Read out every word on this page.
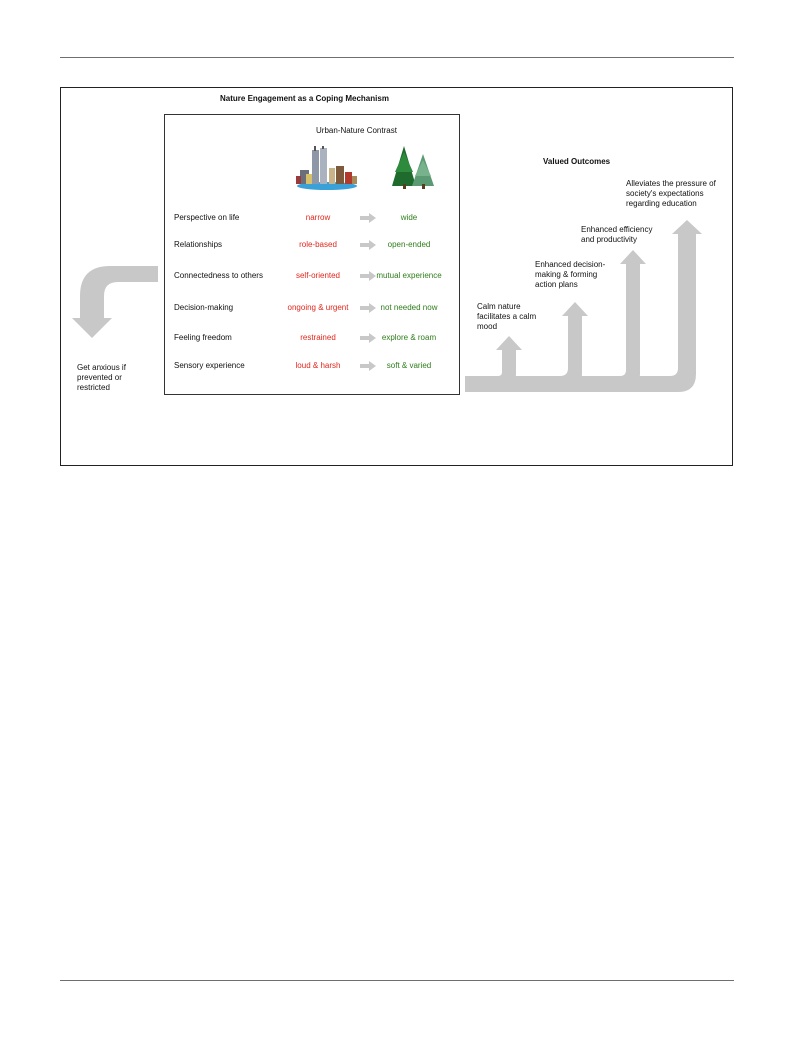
Nature Engagement as a Coping Mechanism
Urban-Nature Contrast
Perspective on life	narrow	wide
Relationships	role-based	open-ended
Connectedness to others	self-oriented	mutual experience
Decision-making	ongoing & urgent	not needed now
Feeling freedom	restrained	explore & roam
Sensory experience	loud & harsh	soft & varied
Get anxious if
prevented or
restricted
Valued Outcomes
Calm nature
facilitates a calm
mood
Enhanced decision-
making & forming
action plans
Enhanced efficiency
and productivity
Alleviates the pressure of
society's expectations
regarding education
